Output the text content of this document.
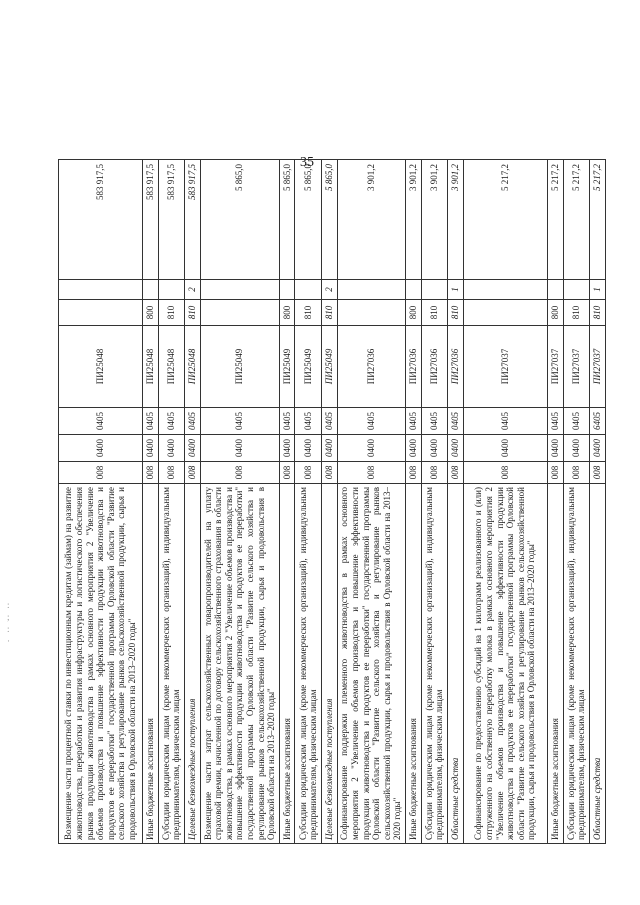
:
;
:
·
35
Возмещение части процентной ставки по инвестиционным кредитам (займам) на развитие животноводства, переработки и развития инфраструктуры и логистического обеспечения рынков продукции животноводства в рамках основного мероприятия 2 "Увеличение объемов производства и повышение эффективности продукции животноводства и продуктов ее переработки" государственной программы Орловской области "Развитие сельского хозяйства и регулирование рынков сельскохозяйственной продукции, сырья и продовольствия в Орловской области на 2013–2020 годы"	008	0400	0405	ПИ25048			583 917,5
Иные бюджетные ассигнования	008	0400	0405	ПИ25048	800		583 917,5
Субсидии юридическим лицам (кроме некоммерческих организаций), индивидуальным предпринимателям, физическим лицам	008	0400	0405	ПИ25048	810		583 917,5
Целевые безвозмездные поступления	008	0400	0405	ПИ25048	810	2	583 917,5
Возмещение части затрат сельскохозяйственных товаропроизводителей на уплату страховой премии, начисленной по договору сельскохозяйственного страхования в области животноводства, в рамках основного мероприятия 2 "Увеличение объемов производства и повышение эффективности продукции животноводства и продуктов ее переработки" государственной программы Орловской области "Развитие сельского хозяйства и регулирование рынков сельскохозяйственной продукции, сырья и продовольствия в Орловской области на 2013–2020 годы"	008	0400	0405	ПИ25049			5 865,0
Иные бюджетные ассигнования	008	0400	0405	ПИ25049	800		5 865,0
Субсидии юридическим лицам (кроме некоммерческих организаций), индивидуальным предпринимателям, физическим лицам	008	0400	0405	ПИ25049	810		5 865,0
Целевые безвозмездные поступления	008	0400	0405	ПИ25049	810	2	5 865,0
Софинансирование поддержки племенного животноводства в рамках основного мероприятия 2 "Увеличение объемов производства и повышение эффективности продукции животноводства и продуктов ее переработки" государственной программы Орловской области "Развитие сельского хозяйства и регулирование рынков сельскохозяйственной продукции, сырья и продовольствия в Орловской области на 2013–2020 годы"	008	0400	0405	ПИ27036			3 901,2
Иные бюджетные ассигнования	008	0400	0405	ПИ27036	800		3 901,2
Субсидии юридическим лицам (кроме некоммерческих организаций), индивидуальным предпринимателям, физическим лицам	008	0400	0405	ПИ27036	810		3 901,2
Областные средства	008	0400	0405	ПИ27036	810	1	3 901,2
Софинансирование по предоставлению субсидий на 1 килограмм реализованного и (или) отгруженного на собственную переработку молока в рамках основного мероприятия 2 "Увеличение объемов производства и повышение эффективности продукции животноводства и продуктов ее переработки" государственной программы Орловской области "Развитие сельского хозяйства и регулирование рынков сельскохозяйственной продукции, сырья и продовольствия в Орловской области на 2013–2020 годы"	008	0400	0405	ПИ27037			5 217,2
Иные бюджетные ассигнования	008	0400	0405	ПИ27037	800		5 217,2
Субсидии юридическим лицам (кроме некоммерческих организаций), индивидуальным предпринимателям, физическим лицам	008	0400	0405	ПИ27037	810		5 217,2
Областные средства	008	0400	6405	ПИ27037	810	1	5 217,2
